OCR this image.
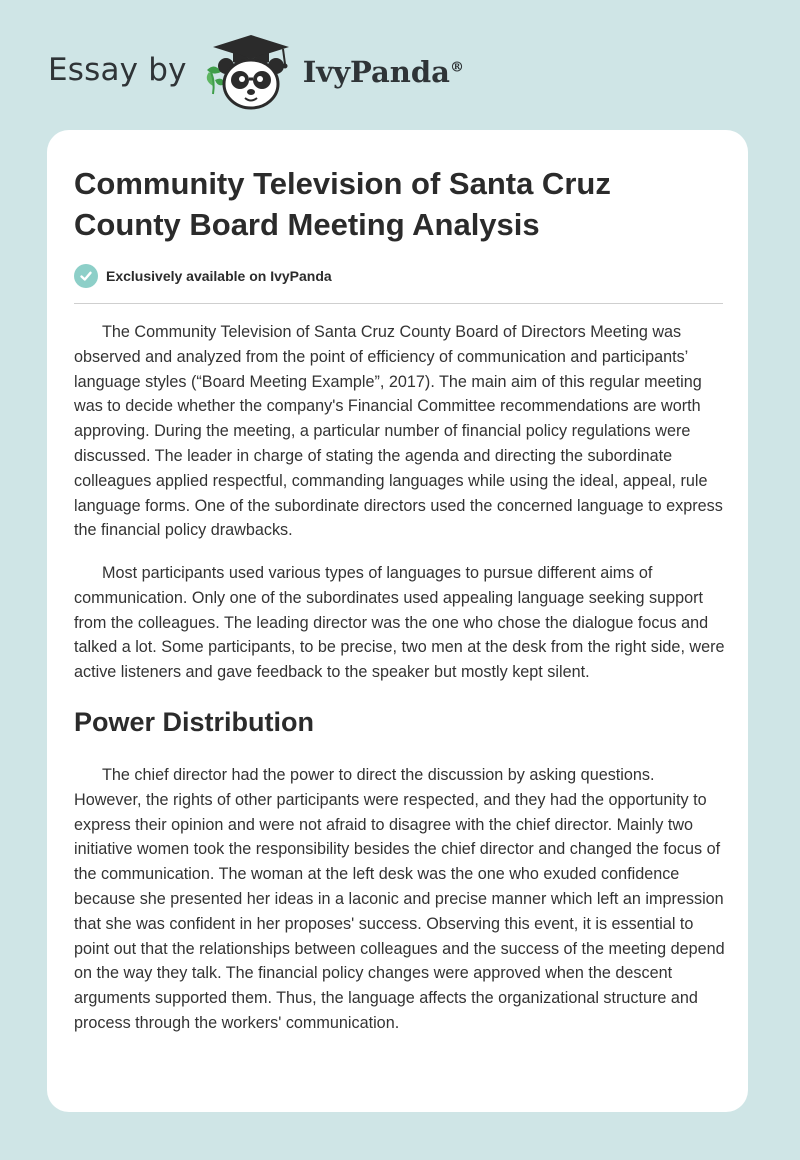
Essay by	IvyPanda®
Community Television of Santa Cruz County Board Meeting Analysis
Exclusively available on IvyPanda

The Community Television of Santa Cruz County Board of Directors Meeting was observed and analyzed from the point of efficiency of communication and participants’ language styles (“Board Meeting Example”, 2017). The main aim of this regular meeting was to decide whether the company's Financial Committee recommendations are worth approving. During the meeting, a particular number of financial policy regulations were discussed. The leader in charge of stating the agenda and directing the subordinate colleagues applied respectful, commanding languages while using the ideal, appeal, rule language forms. One of the subordinate directors used the concerned language to express the financial policy drawbacks.

Most participants used various types of languages to pursue different aims of communication. Only one of the subordinates used appealing language seeking support from the colleagues. The leading director was the one who chose the dialogue focus and talked a lot. Some participants, to be precise, two men at the desk from the right side, were active listeners and gave feedback to the speaker but mostly kept silent.

Power Distribution

The chief director had the power to direct the discussion by asking questions. However, the rights of other participants were respected, and they had the opportunity to express their opinion and were not afraid to disagree with the chief director. Mainly two initiative women took the responsibility besides the chief director and changed the focus of the communication. The woman at the left desk was the one who exuded confidence because she presented her ideas in a laconic and precise manner which left an impression that she was confident in her proposes' success. Observing this event, it is essential to point out that the relationships between colleagues and the success of the meeting depend on the way they talk. The financial policy changes were approved when the descent arguments supported them. Thus, the language affects the organizational structure and process through the workers' communication.
